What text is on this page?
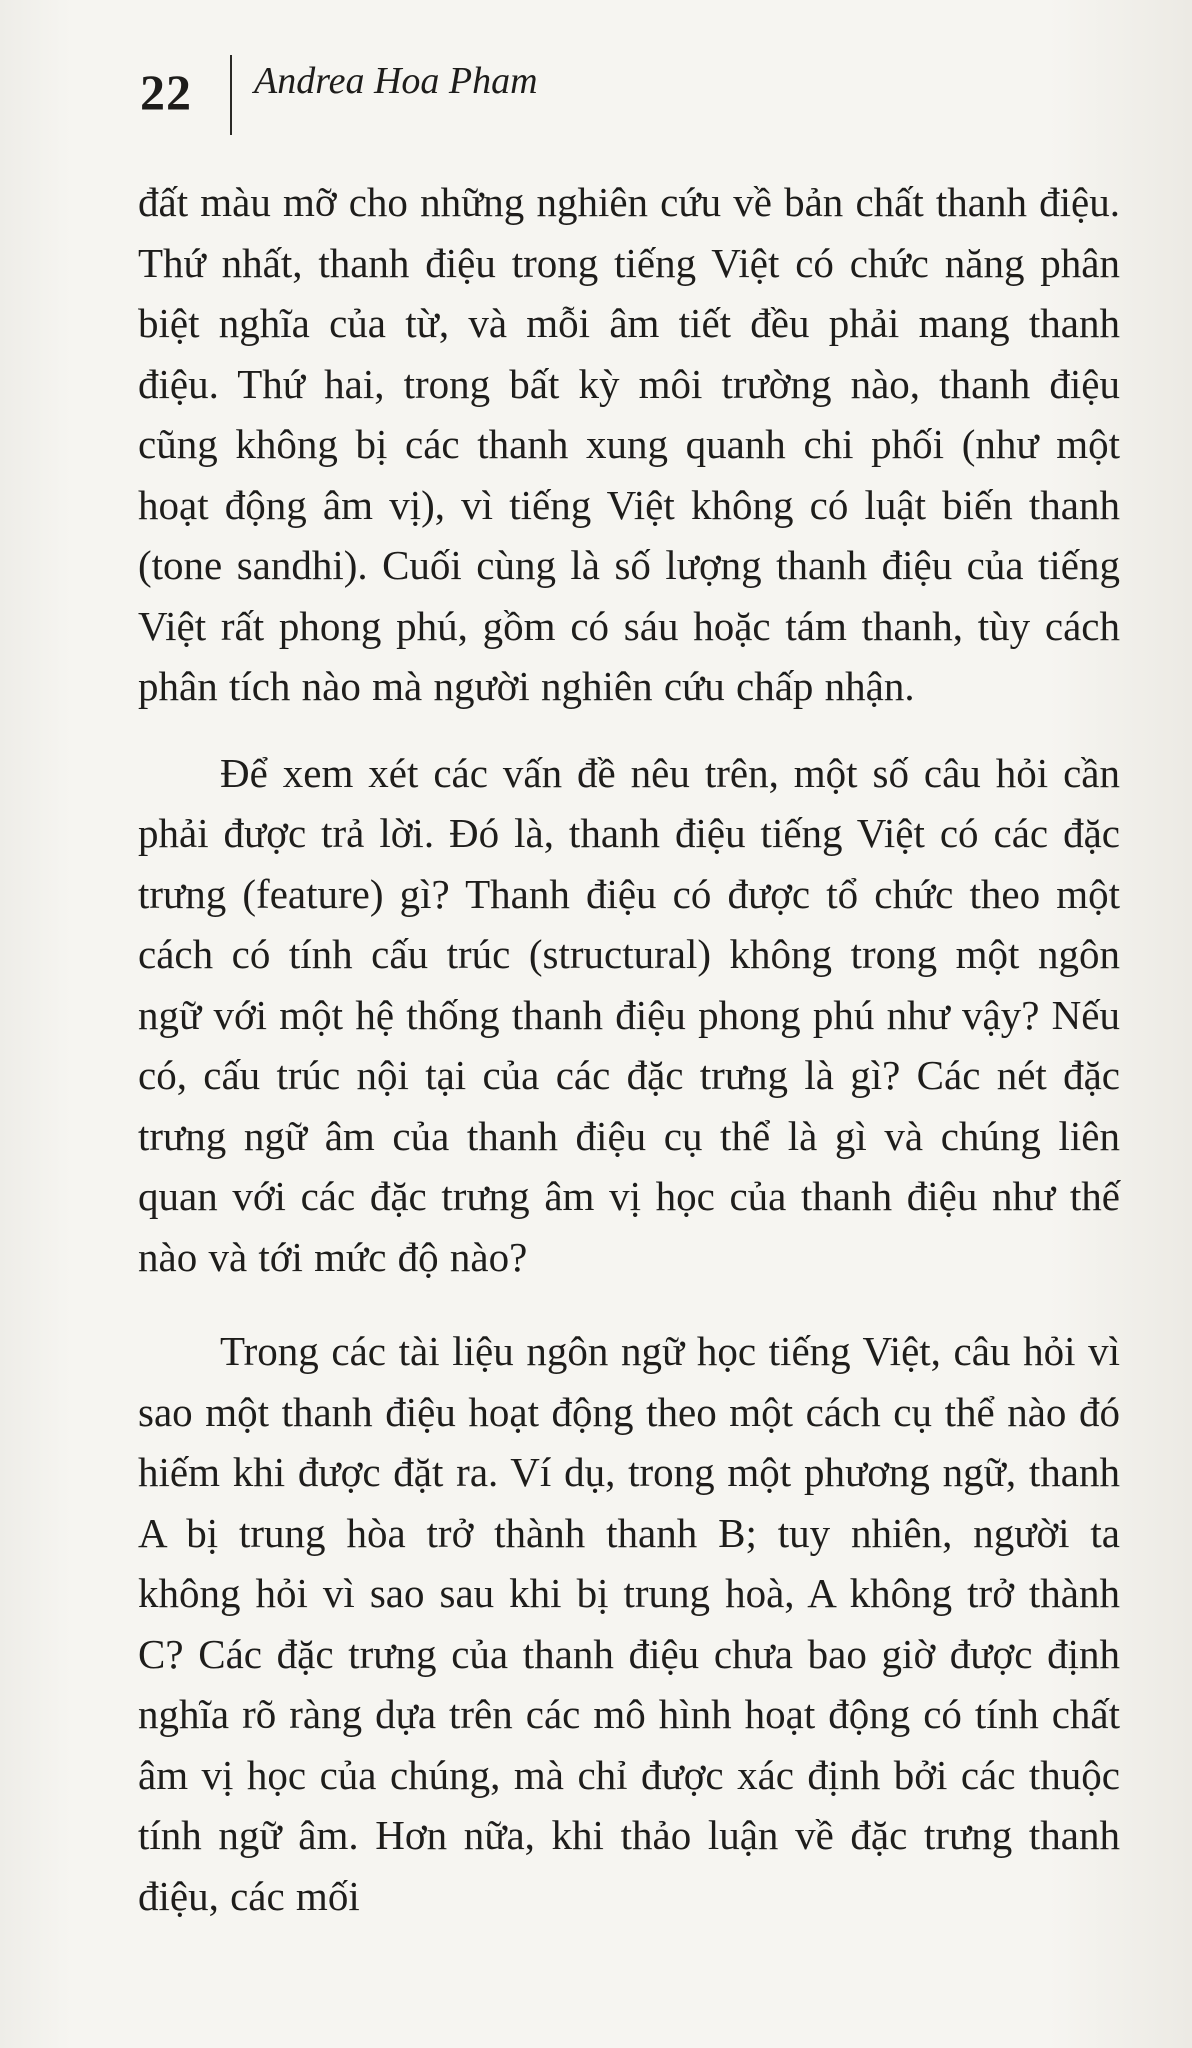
22	Andrea Hoa Pham

đất màu mỡ cho những nghiên cứu về bản chất thanh điệu. Thứ nhất, thanh điệu trong tiếng Việt có chức năng phân biệt nghĩa của từ, và mỗi âm tiết đều phải mang thanh điệu. Thứ hai, trong bất kỳ môi trường nào, thanh điệu cũng không bị các thanh xung quanh chi phối (như một hoạt động âm vị), vì tiếng Việt không có luật biến thanh (tone sandhi). Cuối cùng là số lượng thanh điệu của tiếng Việt rất phong phú, gồm có sáu hoặc tám thanh, tùy cách phân tích nào mà người nghiên cứu chấp nhận.

Để xem xét các vấn đề nêu trên, một số câu hỏi cần phải được trả lời. Đó là, thanh điệu tiếng Việt có các đặc trưng (feature) gì? Thanh điệu có được tổ chức theo một cách có tính cấu trúc (structural) không trong một ngôn ngữ với một hệ thống thanh điệu phong phú như vậy? Nếu có, cấu trúc nội tại của các đặc trưng là gì? Các nét đặc trưng ngữ âm của thanh điệu cụ thể là gì và chúng liên quan với các đặc trưng âm vị học của thanh điệu như thế nào và tới mức độ nào?

Trong các tài liệu ngôn ngữ học tiếng Việt, câu hỏi vì sao một thanh điệu hoạt động theo một cách cụ thể nào đó hiếm khi được đặt ra. Ví dụ, trong một phương ngữ, thanh A bị trung hòa trở thành thanh B; tuy nhiên, người ta không hỏi vì sao sau khi bị trung hoà, A không trở thành C? Các đặc trưng của thanh điệu chưa bao giờ được định nghĩa rõ ràng dựa trên các mô hình hoạt động có tính chất âm vị học của chúng, mà chỉ được xác định bởi các thuộc tính ngữ âm. Hơn nữa, khi thảo luận về đặc trưng thanh điệu, các mối
